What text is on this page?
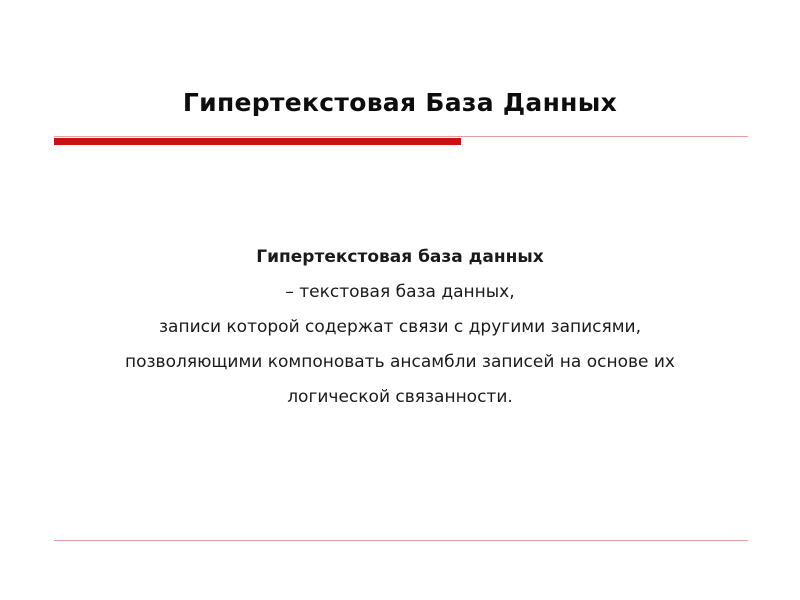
Гипертекстовая База Данных
Гипертекстовая база данных
– текстовая база данных,
записи которой содержат связи с другими записями,
позволяющими компоновать ансамбли записей на основе их
логической связанности.
